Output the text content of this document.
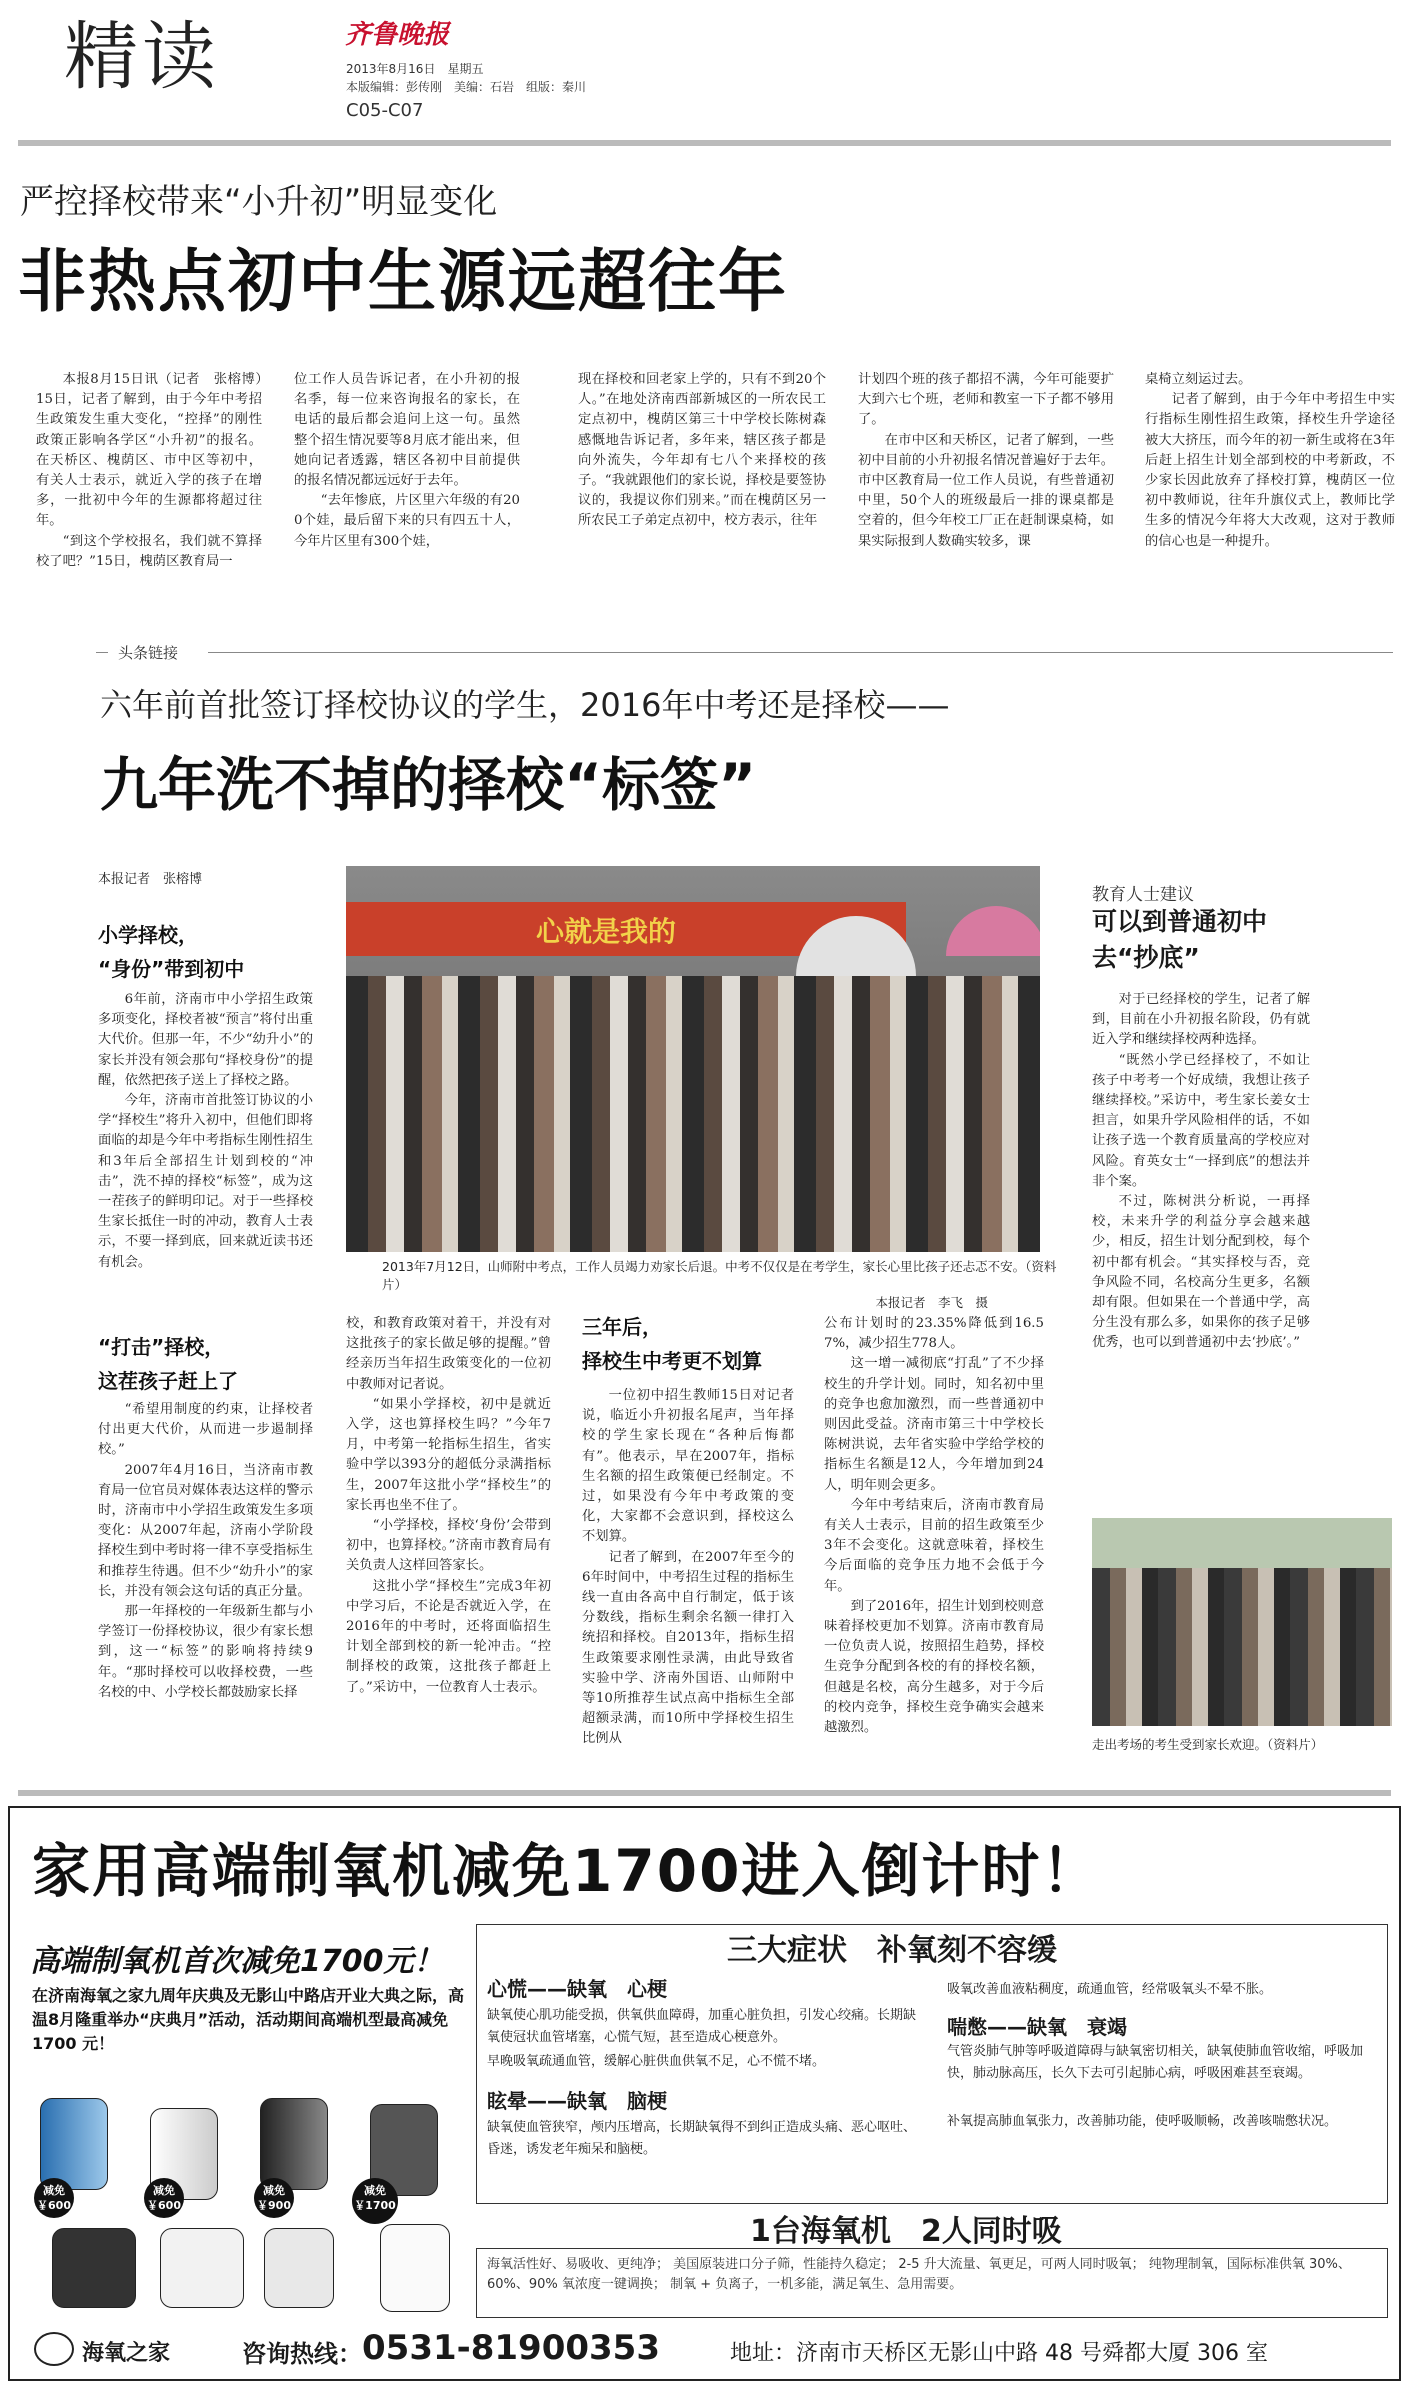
精读	齐鲁晚报
2013年8月16日　星期五
本版编辑：彭传刚　美编：石岩　组版：秦川
C05-C07
严控择校带来“小升初”明显变化
非热点初中生源远超往年

本报8月15日讯（记者　张榕博）　15日，记者了解到，由于今年中考招生政策发生重大变化，“控择”的刚性政策正影响各学区“小升初”的报名。在天桥区、槐荫区、市中区等初中，有关人士表示，就近入学的孩子在增多，一批初中今年的生源都将超过往年。

“到这个学校报名，我们就不算择校了吧？”15日，槐荫区教育局一

位工作人员告诉记者，在小升初的报名季，每一位来咨询报名的家长，在电话的最后都会追问上这一句。虽然整个招生情况要等8月底才能出来，但她向记者透露，辖区各初中目前提供的报名情况都远远好于去年。

“去年惨底，片区里六年级的有200个娃，最后留下来的只有四五十人，今年片区里有300个娃，

现在择校和回老家上学的，只有不到20个人。”在地处济南西部新城区的一所农民工定点初中，槐荫区第三十中学校长陈树森感慨地告诉记者，多年来，辖区孩子都是向外流失，今年却有七八个来择校的孩子。“我就跟他们的家长说，择校是要签协议的，我提议你们别来。”而在槐荫区另一所农民工子弟定点初中，校方表示，往年

计划四个班的孩子都招不满，今年可能要扩大到六七个班，老师和教室一下子都不够用了。

在市中区和天桥区，记者了解到，一些初中目前的小升初报名情况普遍好于去年。市中区教育局一位工作人员说，有些普通初中里，50个人的班级最后一排的课桌都是空着的，但今年校工厂正在赶制课桌椅，如果实际报到人数确实较多，课

桌椅立刻运过去。

记者了解到，由于今年中考招生中实行指标生刚性招生政策，择校生升学途径被大大挤压，而今年的初一新生或将在3年后赶上招生计划全部到校的中考新政，不少家长因此放弃了择校打算，槐荫区一位初中教师说，往年升旗仪式上，教师比学生多的情况今年将大大改观，这对于教师的信心也是一种提升。

头条链接
六年前首批签订择校协议的学生，2016年中考还是择校——
九年洗不掉的择校“标签”
本报记者　张榕博
小学择校，
“身份”带到初中

6年前，济南市中小学招生政策多项变化，择校者被“预言”将付出重大代价。但那一年，不少“幼升小”的家长并没有领会那句“择校身份”的提醒，依然把孩子送上了择校之路。

今年，济南市首批签订协议的小学“择校生”将升入初中，但他们即将面临的却是今年中考指标生刚性招生和3年后全部招生计划到校的“冲击”，洗不掉的择校“标签”，成为这一茬孩子的鲜明印记。对于一些择校生家长抵住一时的冲动，教育人士表示，不要一择到底，回来就近读书还有机会。

“打击”择校，
这茬孩子赶上了

“希望用制度的约束，让择校者付出更大代价，从而进一步遏制择校。”

2007年4月16日，当济南市教育局一位官员对媒体表达这样的警示时，济南市中小学招生政策发生多项变化：从2007年起，济南小学阶段择校生到中考时将一律不享受指标生和推荐生待遇。但不少“幼升小”的家长，并没有领会这句话的真正分量。

那一年择校的一年级新生都与小学签订一份择校协议，很少有家长想到，这一“标签”的影响将持续9年。“那时择校可以收择校费，一些名校的中、小学校长都鼓励家长择

心就是我的
2013年7月12日，山师附中考点，工作人员竭力劝家长后退。中考不仅仅是在考学生，家长心里比孩子还忐忑不安。（资料片）
本报记者　李飞　摄

校，和教育政策对着干，并没有对这批孩子的家长做足够的提醒。”曾经亲历当年招生政策变化的一位初中教师对记者说。

“如果小学择校，初中是就近入学，这也算择校生吗？”今年7月，中考第一轮指标生招生，省实验中学以393分的超低分录满指标生，2007年这批小学“择校生”的家长再也坐不住了。

“小学择校，择校‘身份’会带到初中，也算择校。”济南市教育局有关负责人这样回答家长。

这批小学“择校生”完成3年初中学习后，不论是否就近入学，在2016年的中考时，还将面临招生计划全部到校的新一轮冲击。“控制择校的政策，这批孩子都赶上了。”采访中，一位教育人士表示。

三年后，
择校生中考更不划算

一位初中招生教师15日对记者说，临近小升初报名尾声，当年择校的学生家长现在“各种后悔都有”。他表示，早在2007年，指标生名额的招生政策便已经制定。不过，如果没有今年中考政策的变化，大家都不会意识到，择校这么不划算。

记者了解到，在2007年至今的6年时间中，中考招生过程的指标生线一直由各高中自行制定，低于该分数线，指标生剩余名额一律打入统招和择校。自2013年，指标生招生政策要求刚性录满，由此导致省实验中学、济南外国语、山师附中等10所推荐生试点高中指标生全部超额录满，而10所中学择校生招生比例从

公布计划时的23.35%降低到16.57%，减少招生778人。

这一增一减彻底“打乱”了不少择校生的升学计划。同时，知名初中里的竞争也愈加激烈，而一些普通初中则因此受益。济南市第三十中学校长陈树洪说，去年省实验中学给学校的指标生名额是12人，今年增加到24人，明年则会更多。

今年中考结束后，济南市教育局有关人士表示，目前的招生政策至少3年不会变化。这就意味着，择校生今后面临的竞争压力地不会低于今年。

到了2016年，招生计划到校则意味着择校更加不划算。济南市教育局一位负责人说，按照招生趋势，择校生竞争分配到各校的有的择校名额，但越是名校，高分生越多，对于今后的校内竞争，择校生竞争确实会越来越激烈。

教育人士建议
可以到普通初中
去“抄底”

对于已经择校的学生，记者了解到，目前在小升初报名阶段，仍有就近入学和继续择校两种选择。

“既然小学已经择校了，不如让孩子中考考一个好成绩，我想让孩子继续择校。”采访中，考生家长姜女士担言，如果升学风险相伴的话，不如让孩子选一个教育质量高的学校应对风险。育英女士“一择到底”的想法并非个案。

不过，陈树洪分析说，一再择校，未来升学的利益分享会越来越少，相反，招生计划分配到校，每个初中都有机会。“其实择校与否，竞争风险不同，名校高分生更多，名额却有限。但如果在一个普通中学，高分生没有那么多，如果你的孩子足够优秀，也可以到普通初中去‘抄底’。”

走出考场的考生受到家长欢迎。（资料片）
家用高端制氧机减免1700进入倒计时！
高端制氧机首次减免1700元！
在济南海氧之家九周年庆典及无影山中路店开业大典之际，高温8月隆重举办“庆典月”活动，活动期间高端机型最高减免 1700 元！
减免
￥600
减免
￥600
减免
￥900
减免
￥1700
三大症状　补氧刻不容缓
心慌——缺氧　心梗
缺氧使心肌功能受损，供氧供血障碍，加重心脏负担，引发心绞痛。长期缺氧使冠状血管堵塞，心慌气短，甚至造成心梗意外。
早晚吸氧疏通血管，缓解心脏供血供氧不足，心不慌不堵。
眩晕——缺氧　脑梗
缺氧使血管狭窄，颅内压增高，长期缺氧得不到纠正造成头痛、恶心呕吐、昏迷，诱发老年痴呆和脑梗。
吸氧改善血液粘稠度，疏通血管，经常吸氧头不晕不胀。
喘憋——缺氧　衰竭
气管炎肺气肿等呼吸道障碍与缺氧密切相关，缺氧使肺血管收缩，呼吸加快，肺动脉高压，长久下去可引起肺心病，呼吸困难甚至衰竭。
补氧提高肺血氧张力，改善肺功能，使呼吸顺畅，改善咳喘憋状况。
1台海氧机　2人同时吸
海氧活性好、易吸收、更纯净； 美国原装进口分子筛，性能持久稳定； 2-5 升大流量、氧更足，可两人同时吸氧； 纯物理制氧，国际标准供氧 30%、60%、90% 氧浓度一键调换； 制氧 + 负离子，一机多能，满足氧生、急用需要。
海氧之家	咨询热线： 0531-81900353	地址：济南市天桥区无影山中路 48 号舜都大厦 306 室
